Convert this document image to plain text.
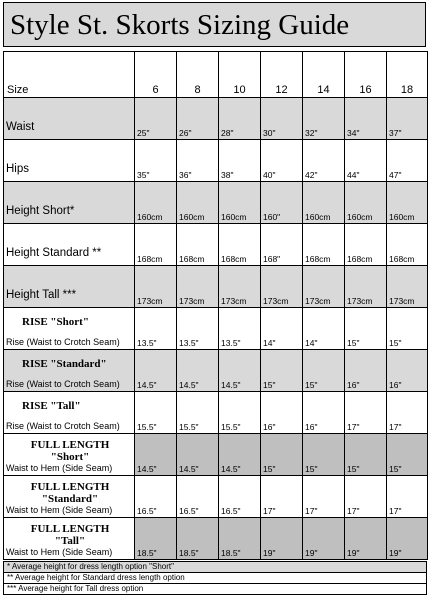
Style St. Skorts Sizing Guide
Size	6	8	10	12	14	16	18
Waist	25"	26"	28"	30"	32"	34"	37"
Hips	35"	36"	38"	40"	42"	44"	47"
Height Short*	160cm	160cm	160cm	160"	160cm	160cm	160cm
Height Standard **	168cm	168cm	168cm	168"	168cm	168cm	168cm
Height Tall ***	173cm	173cm	173cm	173cm	173cm	173cm	173cm

RISE "Short"
Rise (Waist to Crotch Seam)	13.5"	13.5"	13.5"	14"	14"	15"	15"

RISE "Standard"
Rise (Waist to Crotch Seam)	14.5"	14.5"	14.5"	15"	15"	16"	16"

RISE "Tall"
Rise (Waist to Crotch Seam)	15.5"	15.5"	15.5"	16"	16"	17"	17"

FULL LENGTH
"Short"
Waist to Hem (Side Seam)	14.5"	14.5"	14.5"	15"	15"	15"	15"

FULL LENGTH
"Standard"
Waist to Hem (Side Seam)	16.5"	16.5"	16.5"	17"	17"	17"	17"

FULL LENGTH
"Tall"
Waist to Hem (Side Seam)	18.5"	18.5"	18.5"	19"	19"	19"	19"
* Average height for dress length option "Short"
** Average height for Standard dress length option
*** Average height for Tall dress option
